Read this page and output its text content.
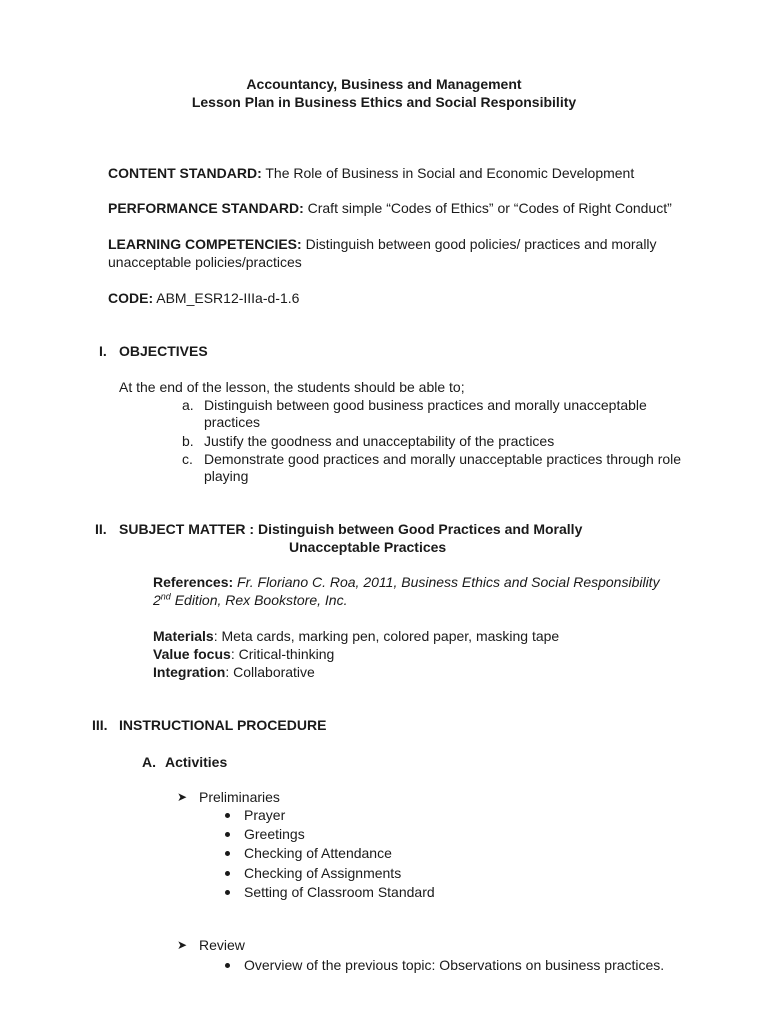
Accountancy, Business and Management
Lesson Plan in Business Ethics and Social Responsibility
CONTENT STANDARD: The Role of Business in Social and Economic Development
PERFORMANCE STANDARD: Craft simple “Codes of Ethics” or “Codes of Right Conduct”
LEARNING COMPETENCIES: Distinguish between good policies/ practices and morally
unacceptable policies/practices
CODE: ABM_ESR12-IIIa-d-1.6
I. OBJECTIVES
At the end of the lesson, the students should be able to;
a. Distinguish between good business practices and morally unacceptable
practices
b. Justify the goodness and unacceptability of the practices
c. Demonstrate good practices and morally unacceptable practices through role
playing
II. SUBJECT MATTER : Distinguish between Good Practices and Morally
Unacceptable Practices
References: Fr. Floriano C. Roa, 2011, Business Ethics and Social Responsibility
2nd Edition, Rex Bookstore, Inc.
Materials: Meta cards, marking pen, colored paper, masking tape
Value focus: Critical-thinking
Integration: Collaborative
III. INSTRUCTIONAL PROCEDURE
A. Activities
➤ Preliminaries
Prayer
Greetings
Checking of Attendance
Checking of Assignments
Setting of Classroom Standard
➤ Review
Overview of the previous topic: Observations on business practices.
